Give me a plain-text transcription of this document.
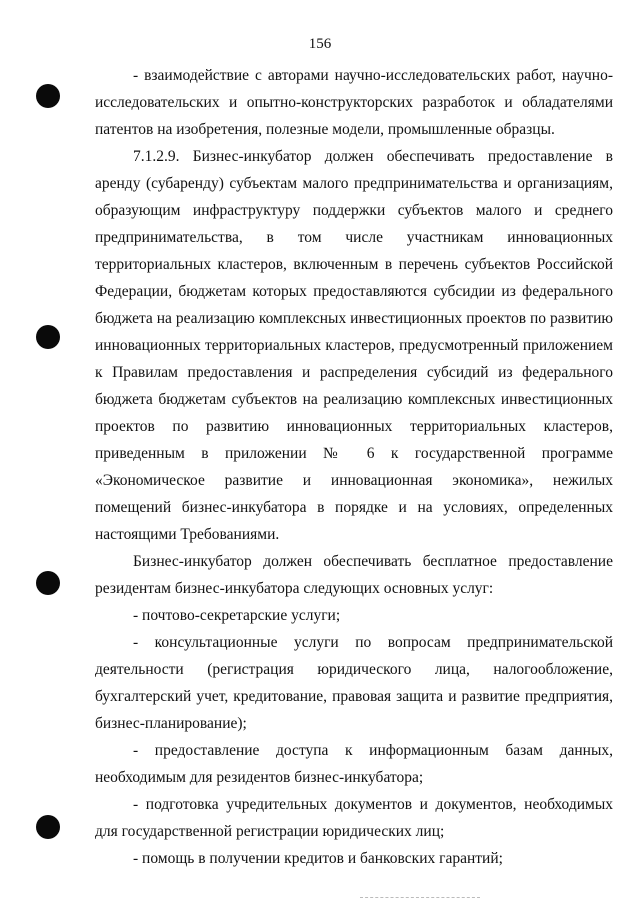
156

- взаимодействие с авторами научно-исследовательских работ, научно-исследовательских и опытно-конструкторских разработок и обладателями патентов на изобретения, полезные модели, промышленные образцы.

7.1.2.9. Бизнес-инкубатор должен обеспечивать предоставление в аренду (субаренду) субъектам малого предпринимательства и организациям, образующим инфраструктуру поддержки субъектов малого и среднего предпринимательства, в том числе участникам инновационных территориальных кластеров, включенным в перечень субъектов Российской Федерации, бюджетам которых предоставляются субсидии из федерального бюджета на реализацию комплексных инвестиционных проектов по развитию инновационных территориальных кластеров, предусмотренный приложением к Правилам предоставления и распределения субсидий из федерального бюджета бюджетам субъектов на реализацию комплексных инвестиционных проектов по развитию инновационных территориальных кластеров, приведенным в приложении № 6 к государственной программе «Экономическое развитие и инновационная экономика», нежилых помещений бизнес-инкубатора в порядке и на условиях, определенных настоящими Требованиями.

Бизнес-инкубатор должен обеспечивать бесплатное предоставление резидентам бизнес-инкубатора следующих основных услуг:

- почтово-секретарские услуги;

- консультационные услуги по вопросам предпринимательской деятельности (регистрация юридического лица, налогообложение, бухгалтерский учет, кредитование, правовая защита и развитие предприятия, бизнес-планирование);

- предоставление доступа к информационным базам данных, необходимым для резидентов бизнес-инкубатора;

- подготовка учредительных документов и документов, необходимых для государственной регистрации юридических лиц;

- помощь в получении кредитов и банковских гарантий;
